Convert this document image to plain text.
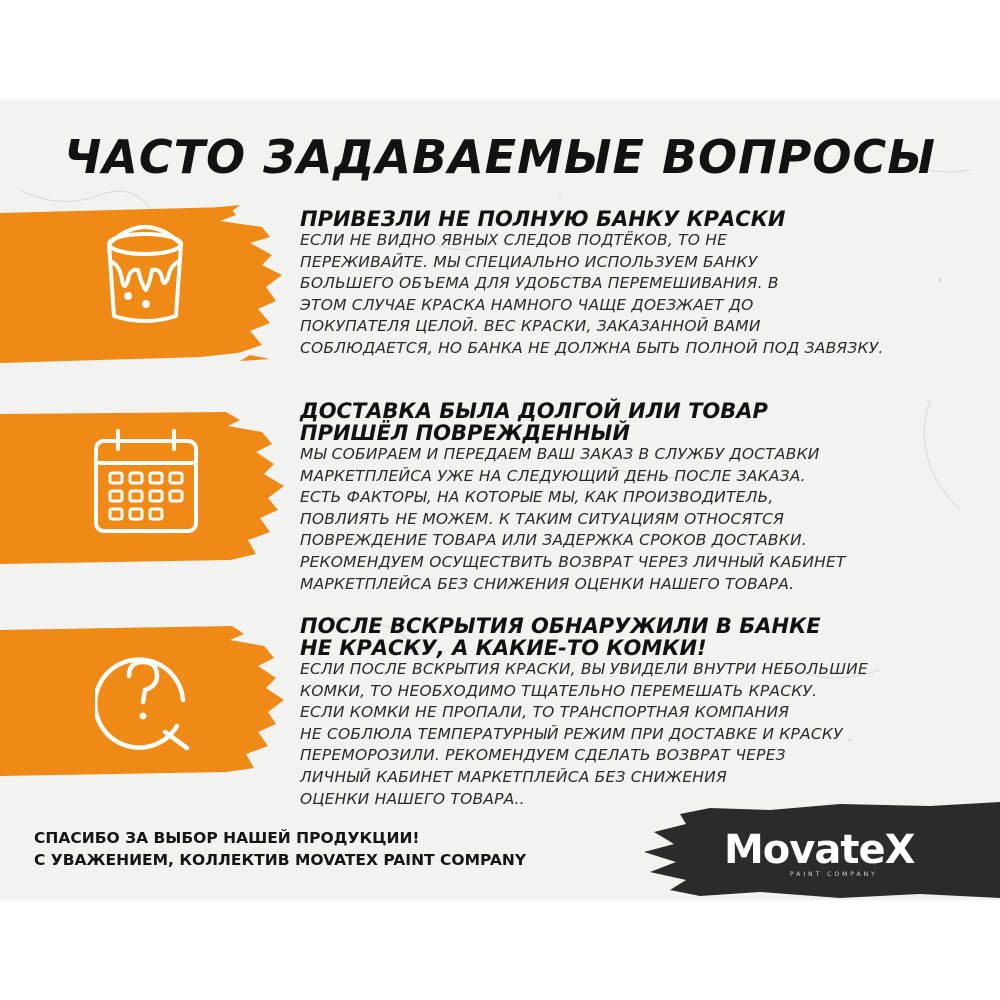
ЧАСТО ЗАДАВАЕМЫЕ ВОПРОСЫ

ПРИВЕЗЛИ НЕ ПОЛНУЮ БАНКУ КРАСКИ

ЕСЛИ НЕ ВИДНО ЯВНЫХ СЛЕДОВ ПОДТЁКОВ, ТО НЕ
ПЕРЕЖИВАЙТЕ. МЫ СПЕЦИАЛЬНО ИСПОЛЬЗУЕМ БАНКУ
БОЛЬШЕГО ОБЪЕМА ДЛЯ УДОБСТВА ПЕРЕМЕШИВАНИЯ. В
ЭТОМ СЛУЧАЕ КРАСКА НАМНОГО ЧАЩЕ ДОЕЗЖАЕТ ДО
ПОКУПАТЕЛЯ ЦЕЛОЙ. ВЕС КРАСКИ, ЗАКАЗАННОЙ ВАМИ
СОБЛЮДАЕТСЯ, НО БАНКА НЕ ДОЛЖНА БЫТЬ ПОЛНОЙ ПОД ЗАВЯЗКУ.

ДОСТАВКА БЫЛА ДОЛГОЙ ИЛИ ТОВАР
ПРИШЁЛ ПОВРЕЖДЕННЫЙ

МЫ СОБИРАЕМ И ПЕРЕДАЕМ ВАШ ЗАКАЗ В СЛУЖБУ ДОСТАВКИ
МАРКЕТПЛЕЙСА УЖЕ НА СЛЕДУЮЩИЙ ДЕНЬ ПОСЛЕ ЗАКАЗА.
ЕСТЬ ФАКТОРЫ, НА КОТОРЫЕ МЫ, КАК ПРОИЗВОДИТЕЛЬ,
ПОВЛИЯТЬ НЕ МОЖЕМ. К ТАКИМ СИТУАЦИЯМ ОТНОСЯТСЯ
ПОВРЕЖДЕНИЕ ТОВАРА ИЛИ ЗАДЕРЖКА СРОКОВ ДОСТАВКИ.
РЕКОМЕНДУЕМ ОСУЩЕСТВИТЬ ВОЗВРАТ ЧЕРЕЗ ЛИЧНЫЙ КАБИНЕТ
МАРКЕТПЛЕЙСА БЕЗ СНИЖЕНИЯ ОЦЕНКИ НАШЕГО ТОВАРА.

ПОСЛЕ ВСКРЫТИЯ ОБНАРУЖИЛИ В БАНКЕ
НЕ КРАСКУ, А КАКИЕ-ТО КОМКИ!

ЕСЛИ ПОСЛЕ ВСКРЫТИЯ КРАСКИ, ВЫ УВИДЕЛИ ВНУТРИ НЕБОЛЬШИЕ
КОМКИ, ТО НЕОБХОДИМО ТЩАТЕЛЬНО ПЕРЕМЕШАТЬ КРАСКУ.
ЕСЛИ КОМКИ НЕ ПРОПАЛИ, ТО ТРАНСПОРТНАЯ КОМПАНИЯ
НЕ СОБЛЮЛА ТЕМПЕРАТУРНЫЙ РЕЖИМ ПРИ ДОСТАВКЕ И КРАСКУ
ПЕРЕМОРОЗИЛИ. РЕКОМЕНДУЕМ СДЕЛАТЬ ВОЗВРАТ ЧЕРЕЗ
ЛИЧНЫЙ КАБИНЕТ МАРКЕТПЛЕЙСА БЕЗ СНИЖЕНИЯ
ОЦЕНКИ НАШЕГО ТОВАРА..

СПАСИБО ЗА ВЫБОР НАШЕЙ ПРОДУКЦИИ!
С УВАЖЕНИЕМ, КОЛЛЕКТИВ MOVATEX PAINT COMPANY	MovateX

PAINT COMPANY
